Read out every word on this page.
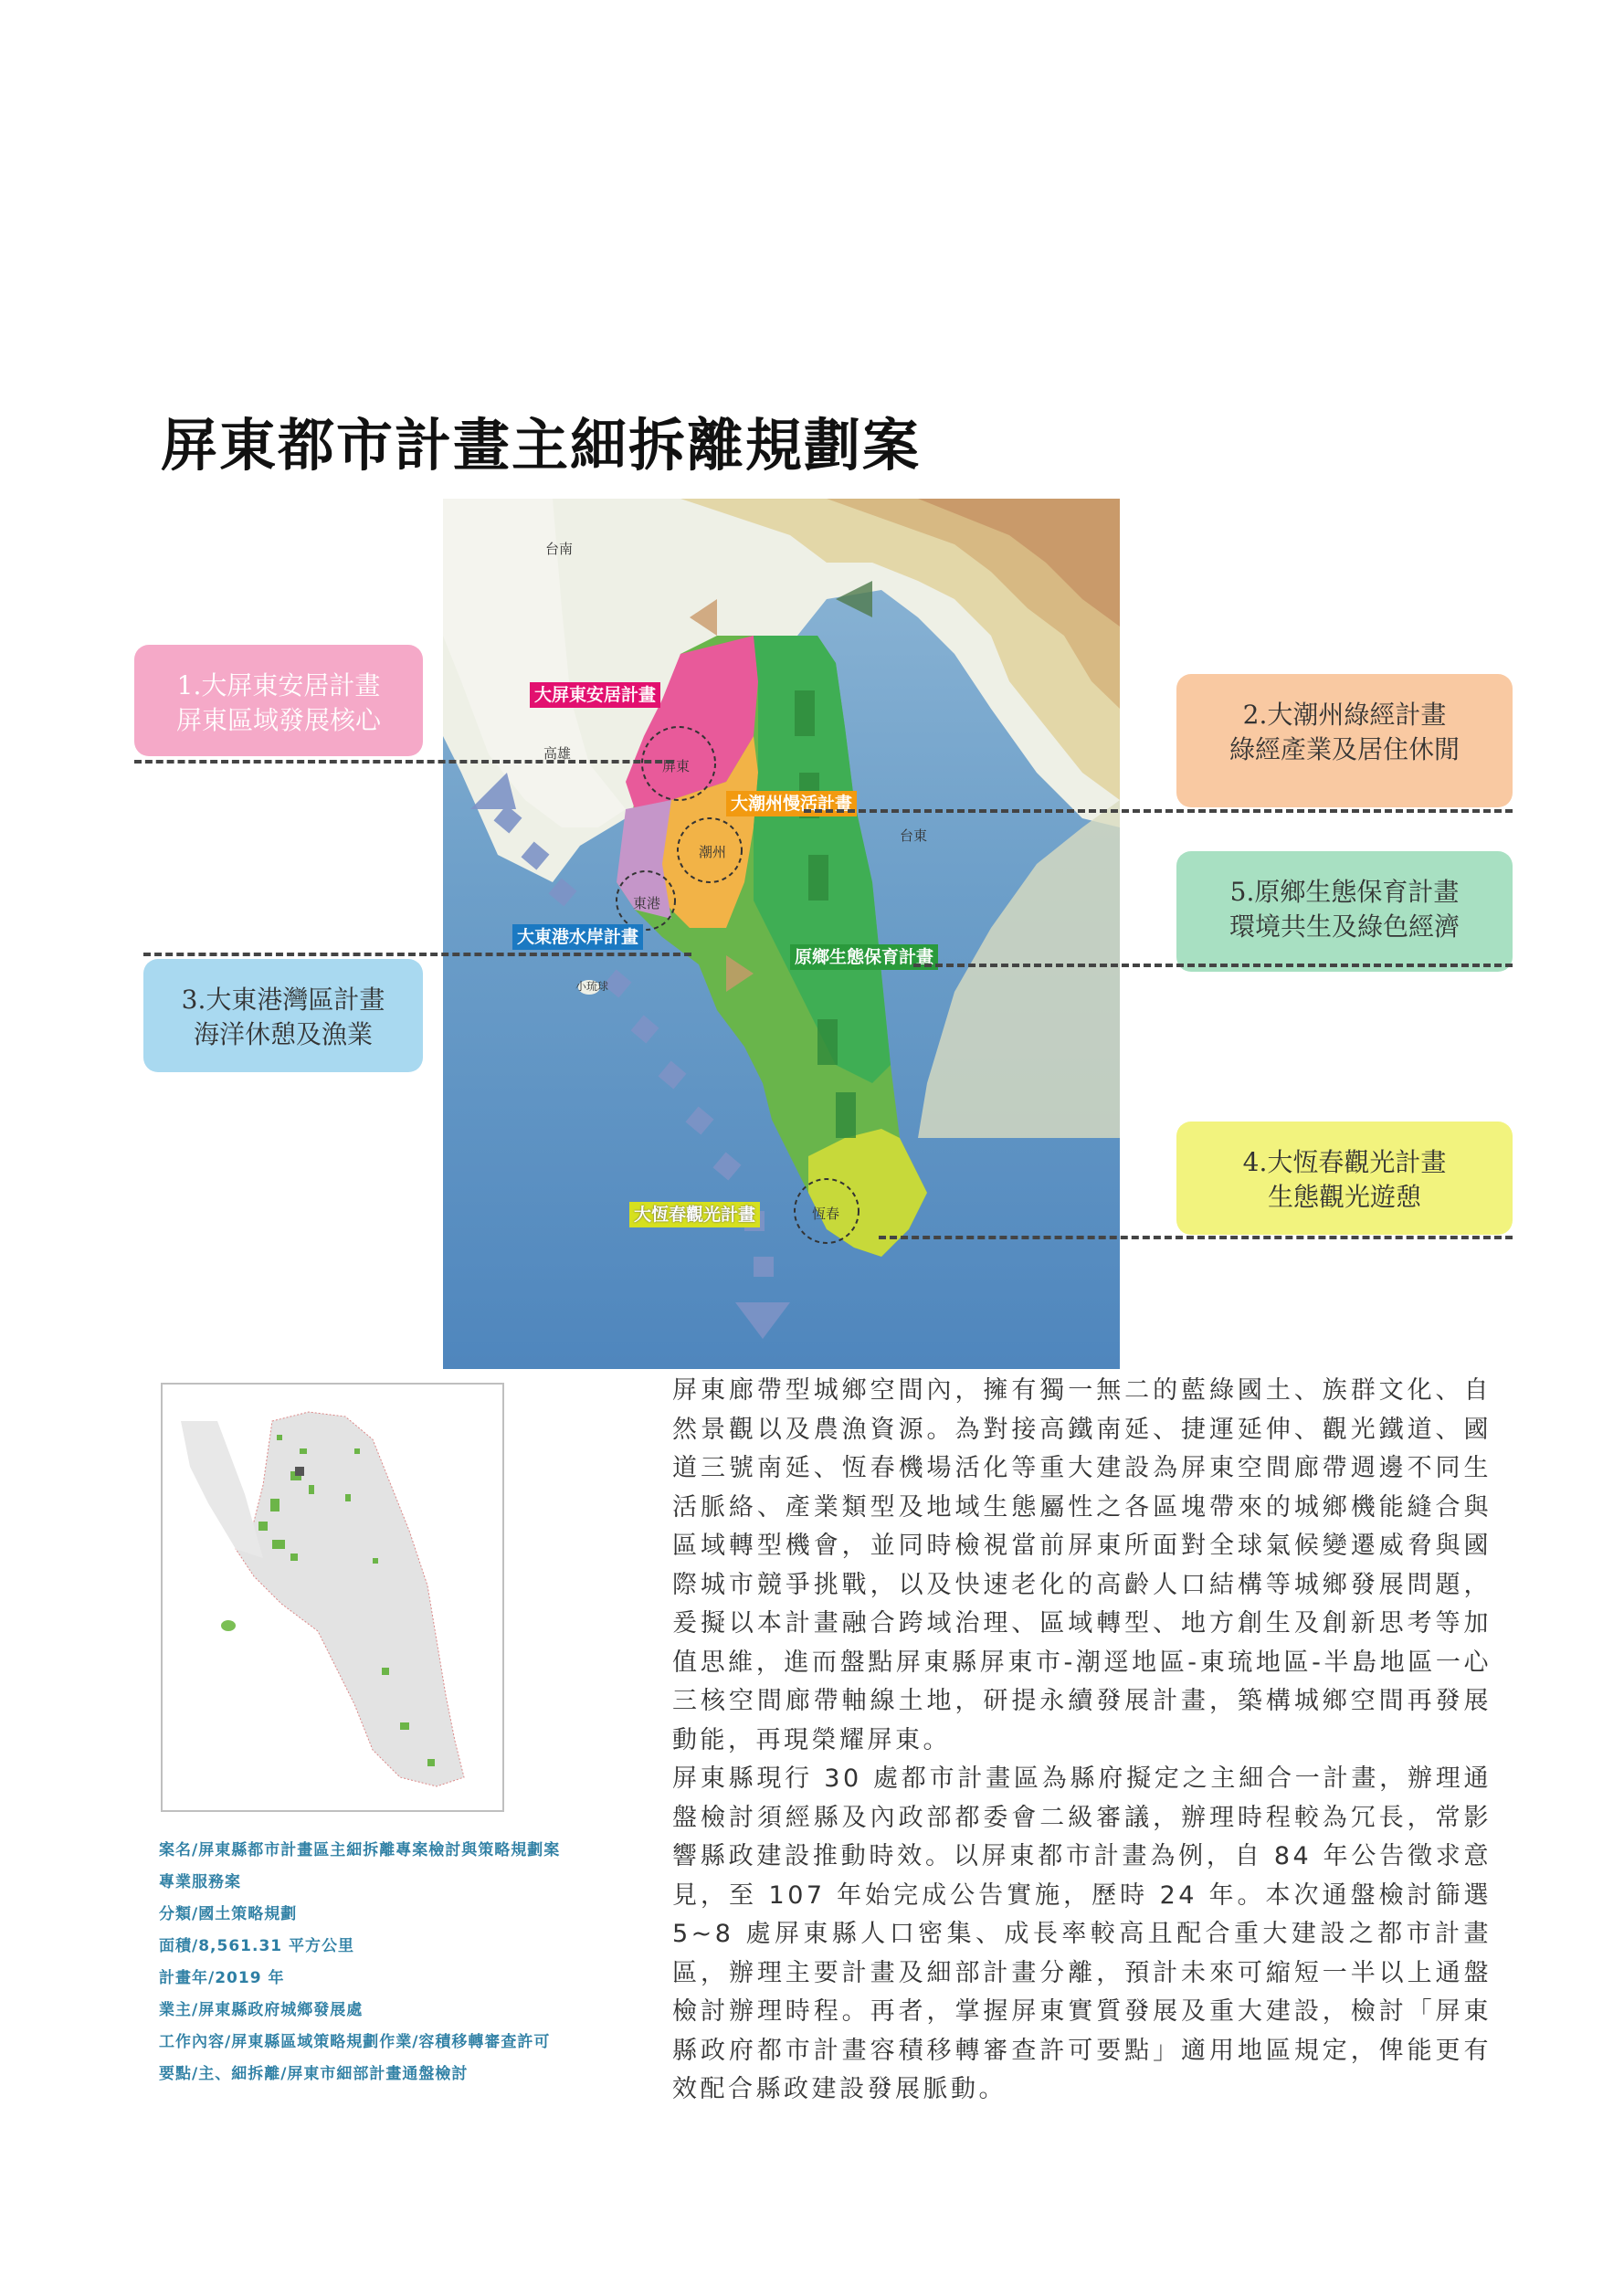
屏東都市計畫主細拆離規劃案
大屏東安居計畫
大潮州慢活計畫
大東港水岸計畫
原鄉生態保育計畫
大恆春觀光計畫
台南
高雄
台東
屏東
潮州
東港
小琉球
恆春
1.大屏東安居計畫
屏東區域發展核心	2.大潮州綠經計畫
綠經產業及居住休閒
5.原鄉生態保育計畫
環境共生及綠色經濟
3.大東港灣區計畫
海洋休憩及漁業
4.大恆春觀光計畫
生態觀光遊憩
案名/屏東縣都市計畫區主細拆離專案檢討與策略規劃案
專業服務案
分類/國土策略規劃
面積/8,561.31 平方公里
計畫年/2019 年
業主/屏東縣政府城鄉發展處
工作內容/屏東縣區域策略規劃作業/容積移轉審查許可
要點/主、細拆離/屏東市細部計畫通盤檢討

屏東廊帶型城鄉空間內，擁有獨一無二的藍綠國土、族群文化、自然景觀以及農漁資源。為對接高鐵南延、捷運延伸、觀光鐵道、國道三號南延、恆春機場活化等重大建設為屏東空間廊帶週邊不同生活脈絡、產業類型及地域生態屬性之各區塊帶來的城鄉機能縫合與區域轉型機會，並同時檢視當前屏東所面對全球氣候變遷威脅與國際城市競爭挑戰，以及快速老化的高齡人口結構等城鄉發展問題，爰擬以本計畫融合跨域治理、區域轉型、地方創生及創新思考等加值思維，進而盤點屏東縣屏東市-潮逕地區-東琉地區-半島地區一心三核空間廊帶軸線土地，研提永續發展計畫，築構城鄉空間再發展動能，再現榮耀屏東。

屏東縣現行 30 處都市計畫區為縣府擬定之主細合一計畫，辦理通盤檢討須經縣及內政部都委會二級審議，辦理時程較為冗長，常影響縣政建設推動時效。以屏東都市計畫為例，自 84 年公告徵求意見，至 107 年始完成公告實施，歷時 24 年。本次通盤檢討篩選 5~8 處屏東縣人口密集、成長率較高且配合重大建設之都市計畫區，辦理主要計畫及細部計畫分離，預計未來可縮短一半以上通盤檢討辦理時程。再者，掌握屏東實質發展及重大建設，檢討「屏東縣政府都市計畫容積移轉審查許可要點」適用地區規定，俾能更有效配合縣政建設發展脈動。
